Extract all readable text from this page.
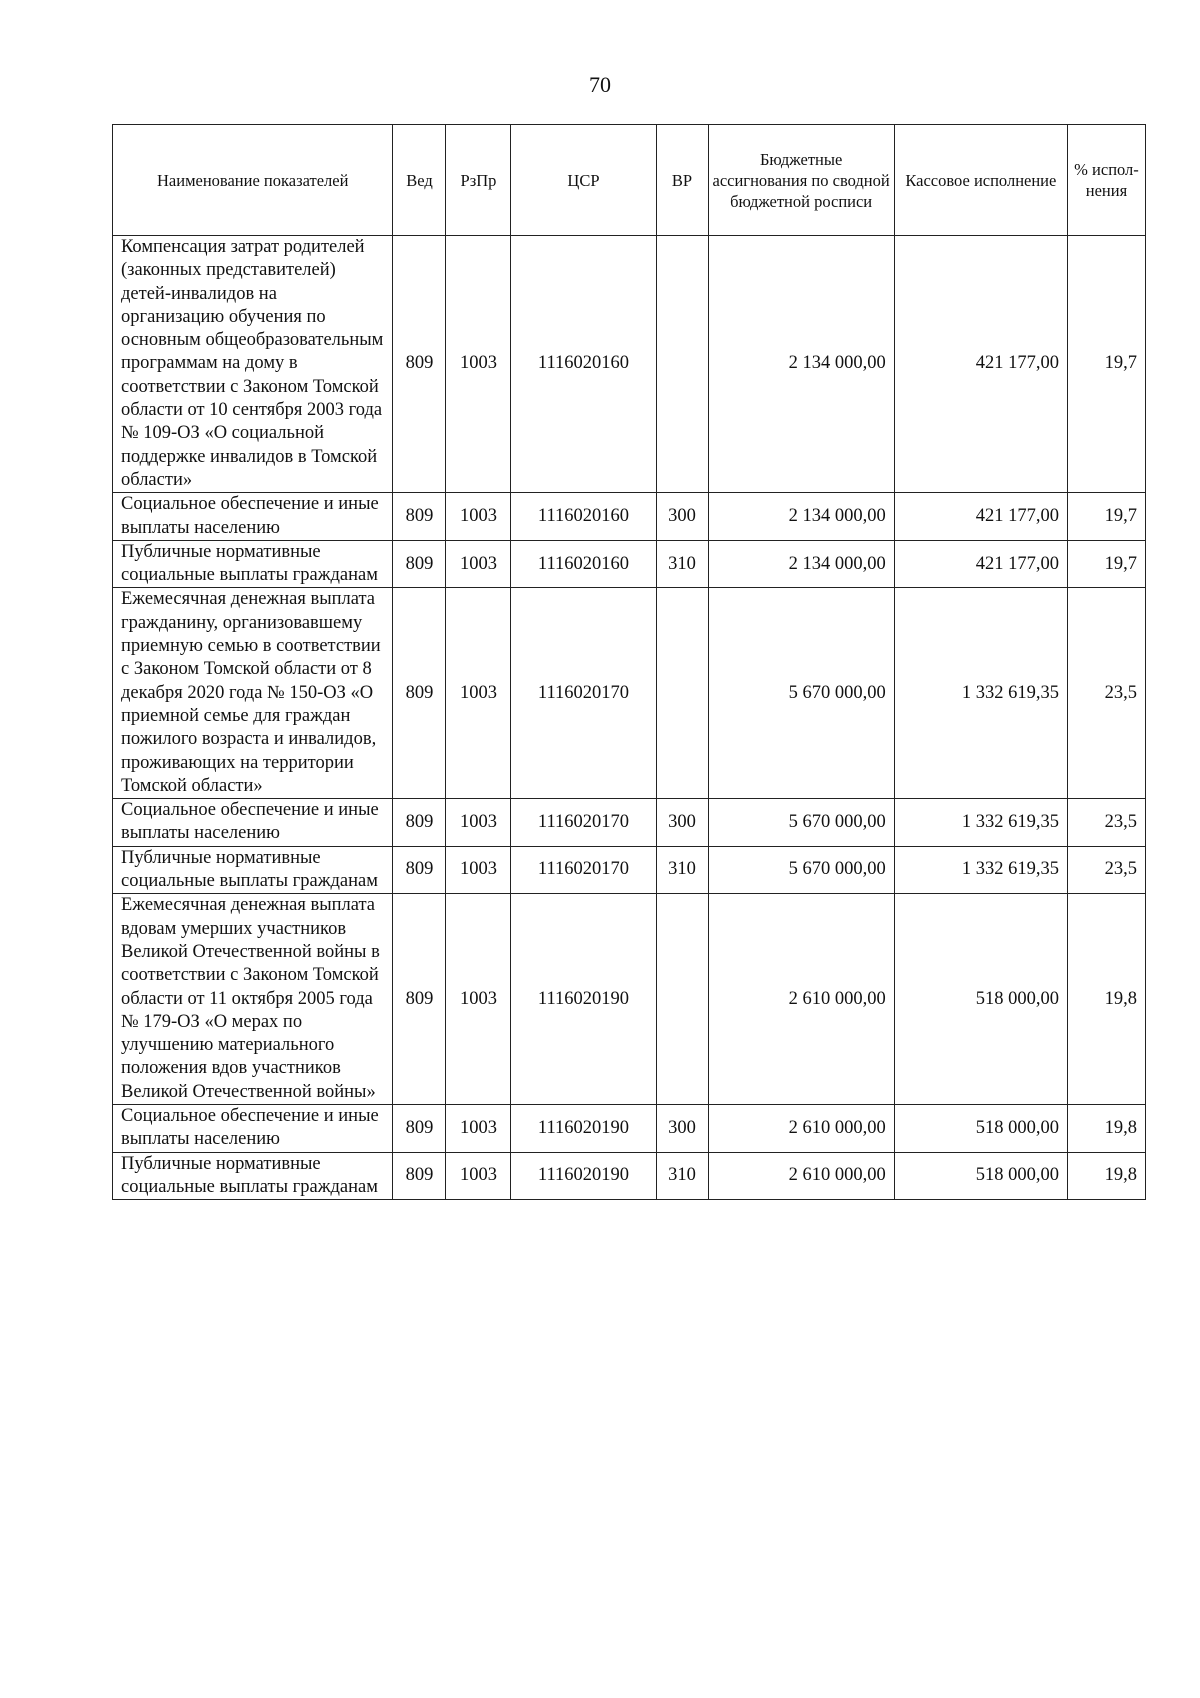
70
Наименование показателей	Вед	РзПр	ЦСР	ВР	Бюджетные ассигнования по сводной бюджетной росписи	Кассовое исполнение	% испол-нения
Компенсация затрат родителей (законных представителей) детей-инвалидов на организацию обучения по основным общеобразовательным программам на дому в соответствии с Законом Томской области от 10 сентября 2003 года № 109-ОЗ «О социальной поддержке инвалидов в Томской области»	809	1003	1116020160		2 134 000,00	421 177,00	19,7
Социальное обеспечение и иные выплаты населению	809	1003	1116020160	300	2 134 000,00	421 177,00	19,7
Публичные нормативные социальные выплаты гражданам	809	1003	1116020160	310	2 134 000,00	421 177,00	19,7
Ежемесячная денежная выплата гражданину, организовавшему приемную семью в соответствии с Законом Томской области от 8 декабря 2020 года № 150-ОЗ «О приемной семье для граждан пожилого возраста и инвалидов, проживающих на территории Томской области»	809	1003	1116020170		5 670 000,00	1 332 619,35	23,5
Социальное обеспечение и иные выплаты населению	809	1003	1116020170	300	5 670 000,00	1 332 619,35	23,5
Публичные нормативные социальные выплаты гражданам	809	1003	1116020170	310	5 670 000,00	1 332 619,35	23,5
Ежемесячная денежная выплата вдовам умерших участников Великой Отечественной войны в соответствии с Законом Томской области от 11 октября 2005 года № 179-ОЗ «О мерах по улучшению материального положения вдов участников Великой Отечественной войны»	809	1003	1116020190		2 610 000,00	518 000,00	19,8
Социальное обеспечение и иные выплаты населению	809	1003	1116020190	300	2 610 000,00	518 000,00	19,8
Публичные нормативные социальные выплаты гражданам	809	1003	1116020190	310	2 610 000,00	518 000,00	19,8
